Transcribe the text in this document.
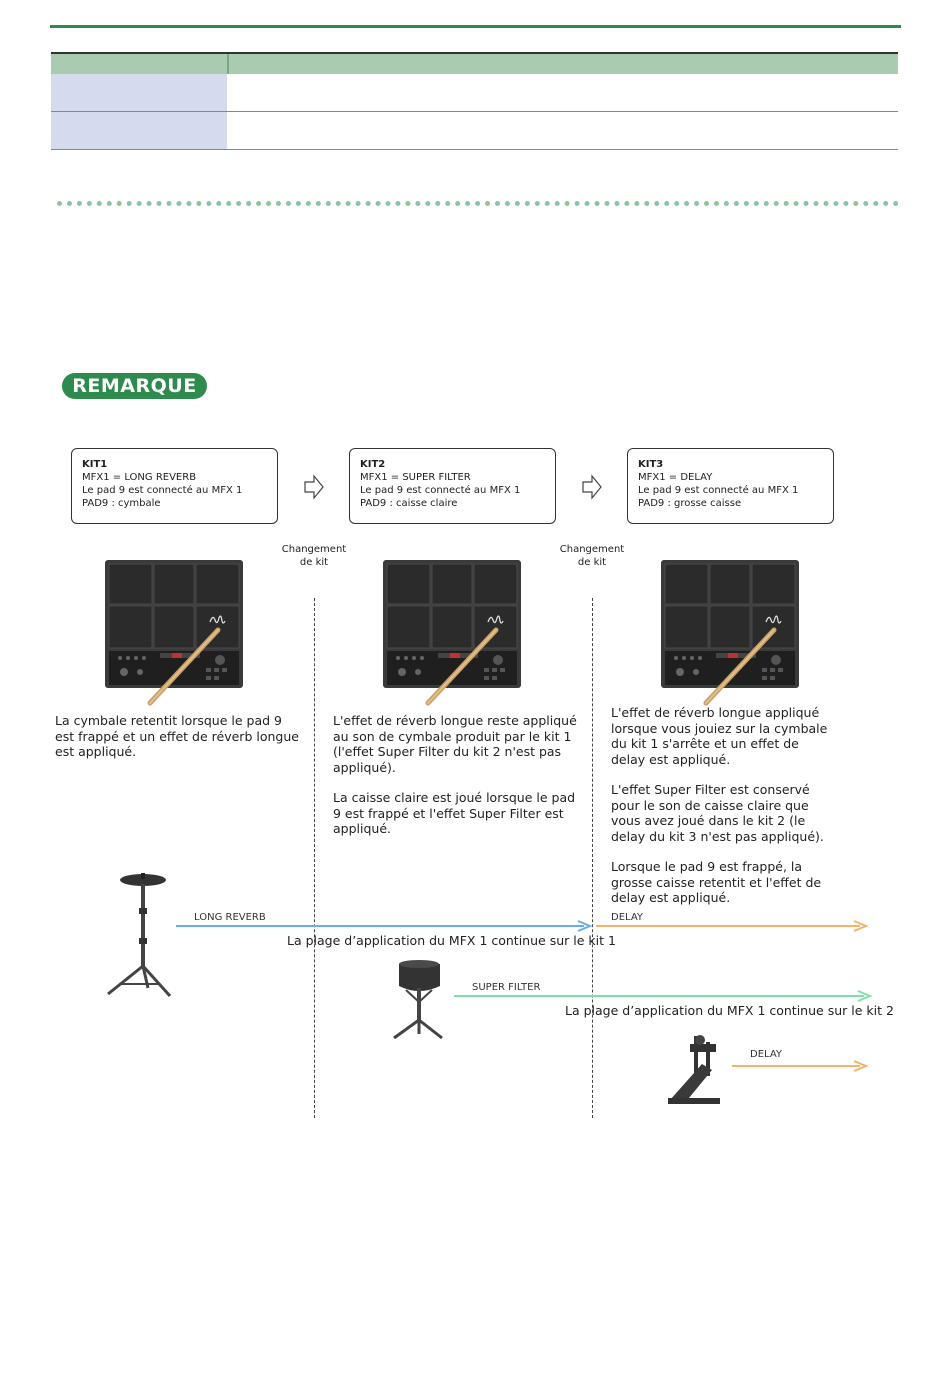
REMARQUE
KIT1
MFX1 = LONG REVERB
Le pad 9 est connecté au MFX 1
PAD9 : cymbale
KIT2
MFX1 = SUPER FILTER
Le pad 9 est connecté au MFX 1
PAD9 : caisse claire
KIT3
MFX1 = DELAY
Le pad 9 est connecté au MFX 1
PAD9 : grosse caisse
Changement
de kit
Changement
de kit

La cymbale retentit lorsque le pad 9 est frappé et un effet de réverb longue est appliqué.

L'effet de réverb longue reste appliqué au son de cymbale produit par le kit 1 (l'effet Super Filter du kit 2 n'est pas appliqué).

La caisse claire est joué lorsque le pad 9 est frappé et l'effet Super Filter est appliqué.

L'effet de réverb longue appliqué lorsque vous jouiez sur la cymbale du kit 1 s'arrête et un effet de delay est appliqué.

L'effet Super Filter est conservé pour le son de caisse claire que vous avez joué dans le kit 2 (le delay du kit 3 n'est pas appliqué).

Lorsque le pad 9 est frappé, la grosse caisse retentit et l'effet de delay est appliqué.

LONG REVERB	DELAY
SUPER FILTER
DELAY
La plage d’application du MFX 1 continue sur le kit 1
La plage d’application du MFX 1 continue sur le kit 2
